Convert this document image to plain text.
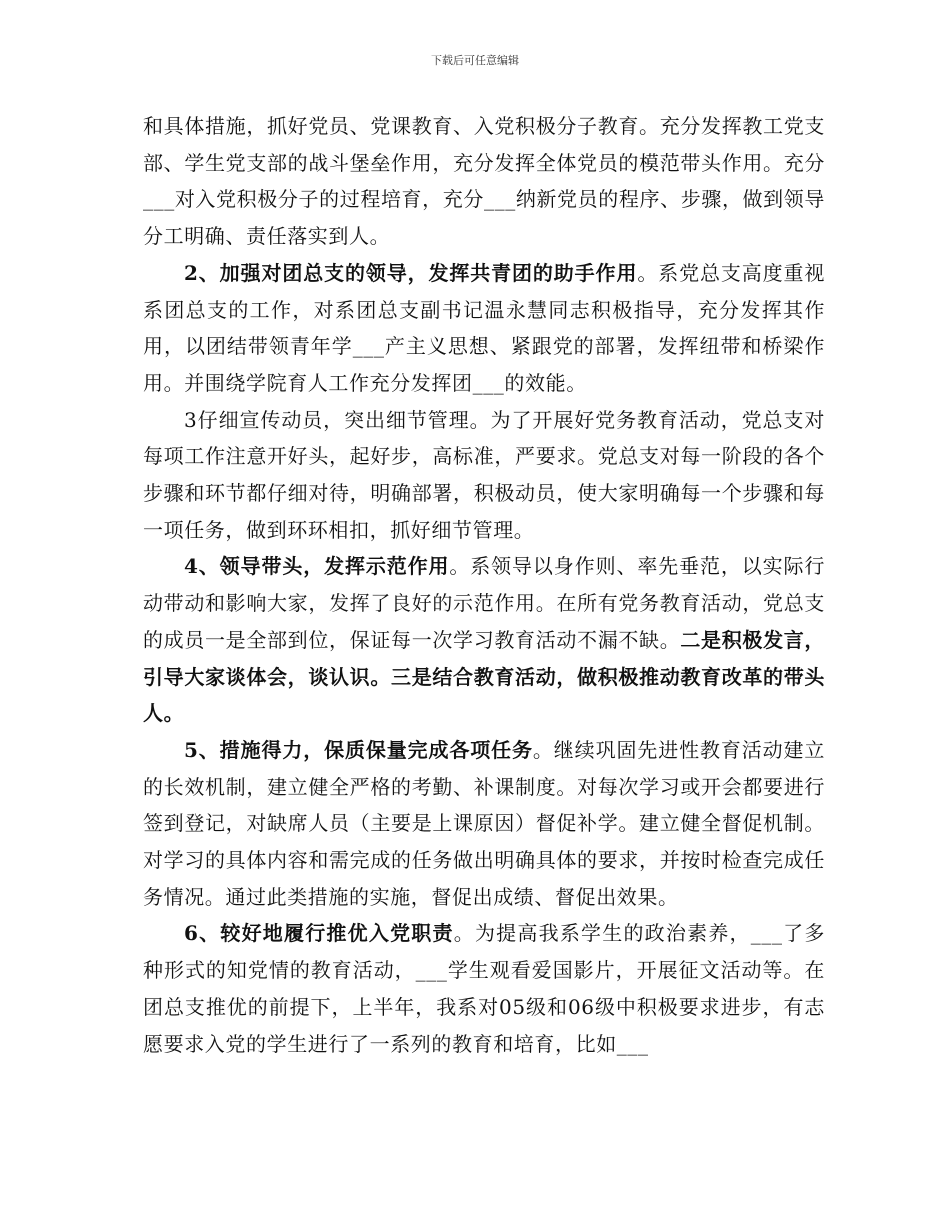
下载后可任意编辑

和具体措施，抓好党员、党课教育、入党积极分子教育。充分发挥教工党支部、学生党支部的战斗堡垒作用，充分发挥全体党员的模范带头作用。充分___对入党积极分子的过程培育，充分___纳新党员的程序、步骤，做到领导分工明确、责任落实到人。

2、加强对团总支的领导，发挥共青团的助手作用。系党总支高度重视系团总支的工作，对系团总支副书记温永慧同志积极指导，充分发挥其作用，以团结带领青年学___产主义思想、紧跟党的部署，发挥纽带和桥梁作用。并围绕学院育人工作充分发挥团___的效能。

3仔细宣传动员，突出细节管理。为了开展好党务教育活动，党总支对每项工作注意开好头，起好步，高标准，严要求。党总支对每一阶段的各个步骤和环节都仔细对待，明确部署，积极动员，使大家明确每一个步骤和每一项任务，做到环环相扣，抓好细节管理。

4、领导带头，发挥示范作用。系领导以身作则、率先垂范，以实际行动带动和影响大家，发挥了良好的示范作用。在所有党务教育活动，党总支的成员一是全部到位，保证每一次学习教育活动不漏不缺。二是积极发言，引导大家谈体会，谈认识。三是结合教育活动，做积极推动教育改革的带头人。

5、措施得力，保质保量完成各项任务。继续巩固先进性教育活动建立的长效机制，建立健全严格的考勤、补课制度。对每次学习或开会都要进行签到登记，对缺席人员（主要是上课原因）督促补学。建立健全督促机制。对学习的具体内容和需完成的任务做出明确具体的要求，并按时检查完成任务情况。通过此类措施的实施，督促出成绩、督促出效果。

6、较好地履行推优入党职责。为提高我系学生的政治素养，___了多种形式的知党情的教育活动，___学生观看爱国影片，开展征文活动等。在团总支推优的前提下，上半年，我系对05级和06级中积极要求进步，有志愿要求入党的学生进行了一系列的教育和培育，比如___
